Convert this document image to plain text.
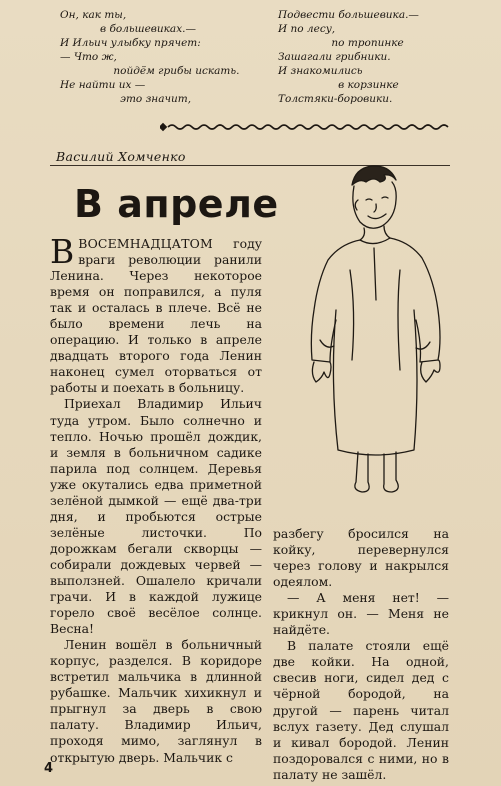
Он, как ты,
в большевиках.—
И Ильич улыбку прячет:
— Что ж,
пойдём грибы искать.
Не найти их —
это значит,
Подвести большевика.—
И по лесу,
по тропинке
Зашагали грибники.
И знакомились
в корзинке
Толстяки-боровики.
Василий Хомченко
В апреле

ВВОСЕМНАДЦАТОМ году враги революции ранили Ленина. Через некоторое время он поправился, а пуля так и осталась в плече. Всё не было времени лечь на операцию. И только в апреле двадцать второго года Ленин наконец сумел оторваться от работы и поехать в больницу.

Приехал Владимир Ильич туда утром. Было солнечно и тепло. Ночью прошёл дождик, и земля в больничном садике парила под солнцем. Деревья уже окутались едва приметной зелёной дымкой — ещё два-три дня, и пробьются острые зелёные листочки. По дорожкам бегали скворцы — собирали дождевых червей — выползней. Ошалело кричали грачи. И в каждой лужице горело своё весёлое солнце. Весна!

Ленин вошёл в больничный корпус, разделся. В коридоре встретил мальчика в длинной рубашке. Мальчик хихикнул и прыгнул за дверь в свою палату. Владимир Ильич, проходя мимо, заглянул в открытую дверь. Мальчик с

разбегу бросился на койку, перевернулся через голову и накрылся одеялом.

— А меня нет! — крикнул он. — Меня не найдёте.

В палате стояли ещё две койки. На одной, свесив ноги, сидел дед с чёрной бородой, на другой — парень читал вслух газету. Дед слушал и кивал бородой. Ленин поздоровался с ними, но в палату не зашёл.

4
